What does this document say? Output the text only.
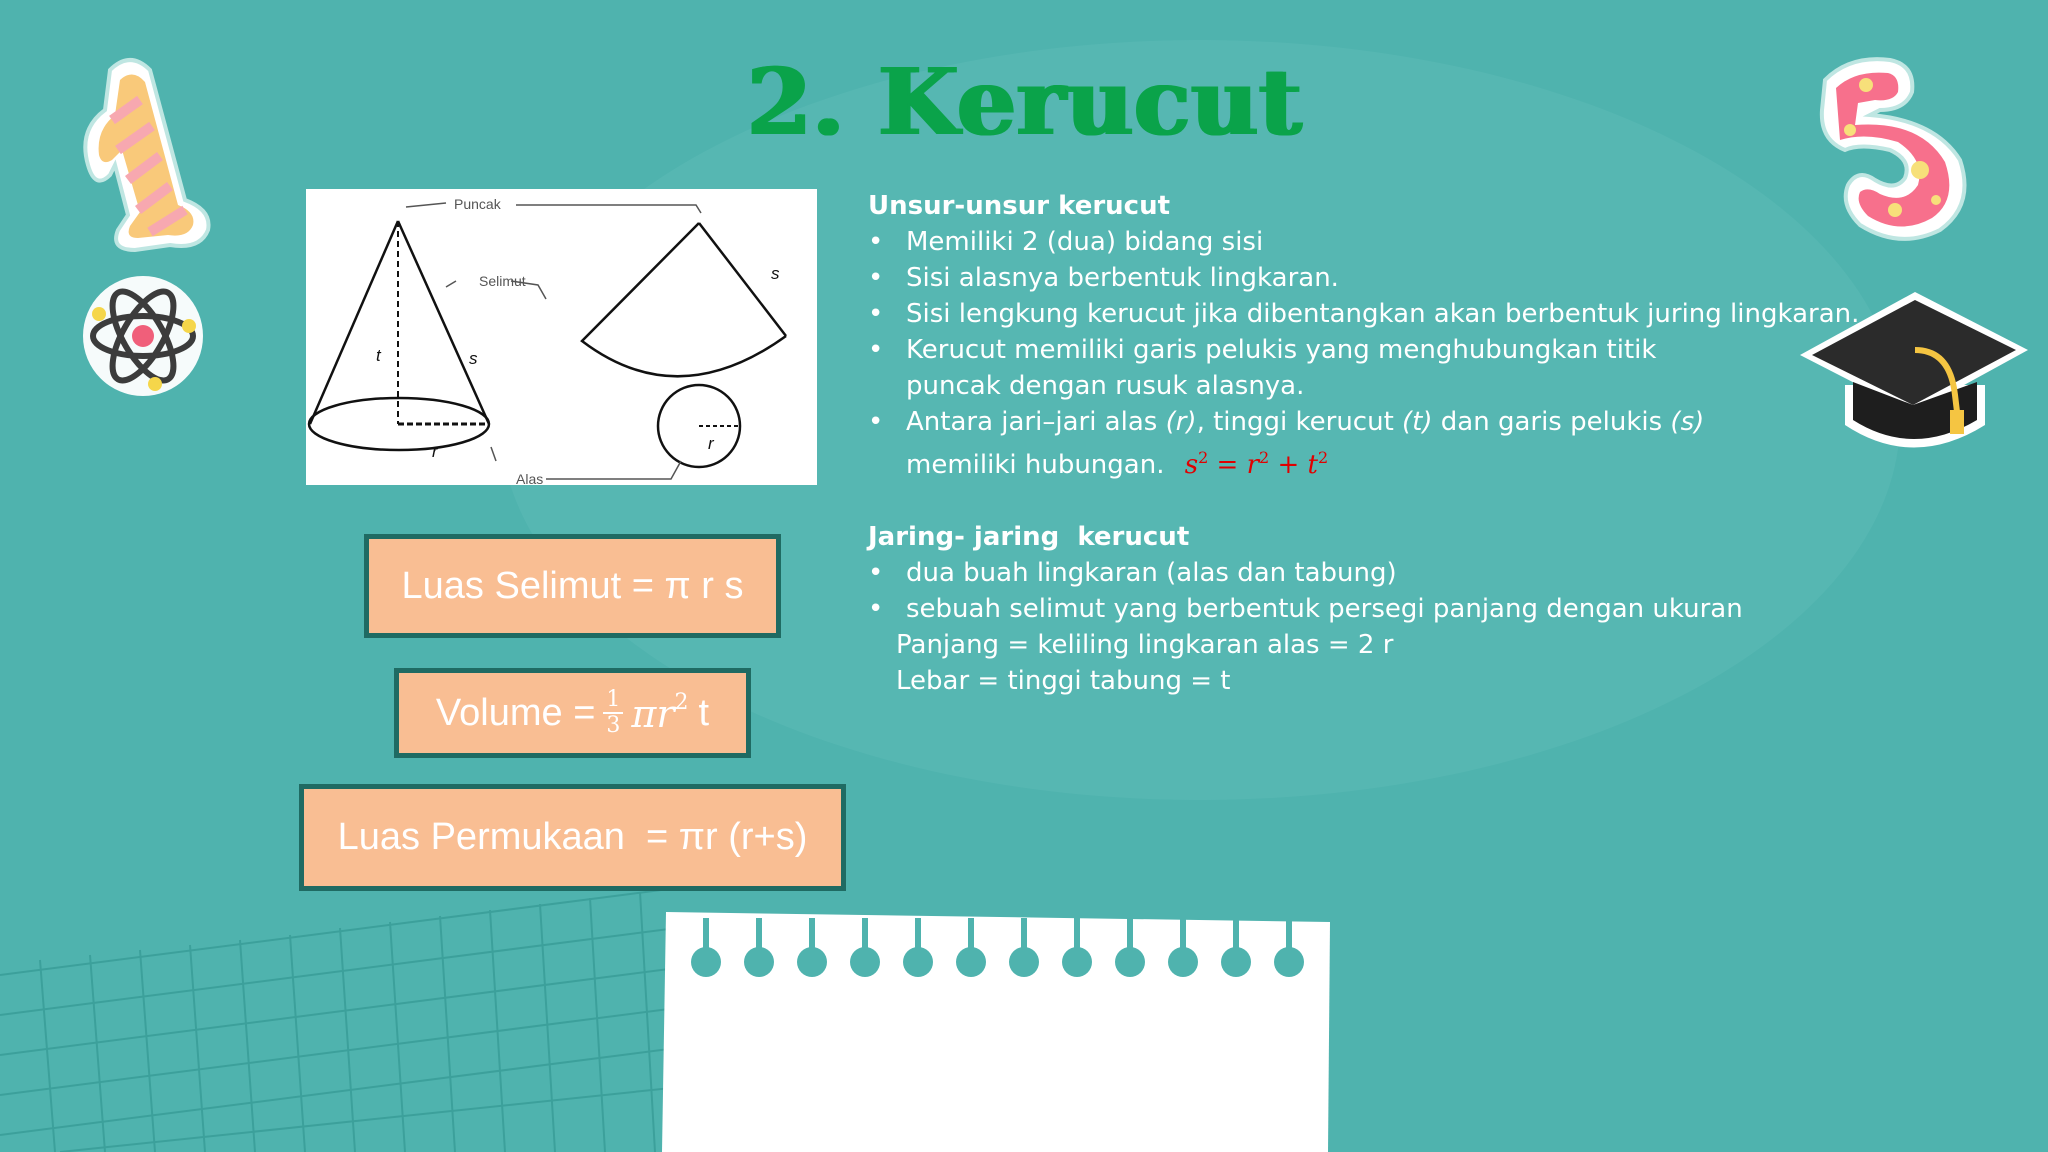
2. Kerucut
Puncak
Selimut
Alas
t	s
r
s
r
Luas Selimut = π r s
Volume = $\frac{1}{3} \pi r^2$ t
Luas Permukaan  = πr (r+s)
Unsur-unsur kerucut
• Memiliki 2 (dua) bidang sisi
• Sisi alasnya berbentuk lingkaran.
• Sisi lengkung kerucut jika dibentangkan akan berbentuk juring lingkaran.
• Kerucut memiliki garis pelukis yang menghubungkan titik puncak dengan rusuk alasnya.
• Antara jari–jari alas (r), tinggi kerucut (t) dan garis pelukis (s) memiliki hubungan. $s^2 = r^2 + t^2$
Jaring- jaring  kerucut
• dua buah lingkaran (alas dan tabung)
• sebuah selimut yang berbentuk persegi panjang dengan ukuran
Panjang = keliling lingkaran alas = 2 r
Lebar = tinggi tabung = t
